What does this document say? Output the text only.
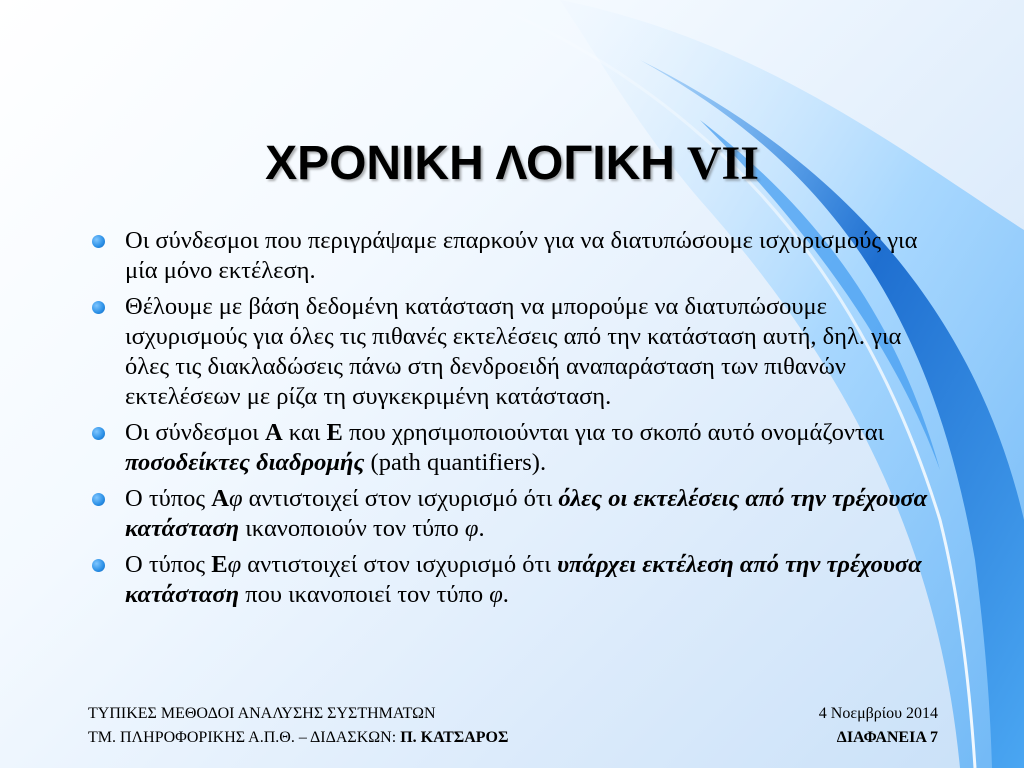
ΧΡΟΝΙΚΗ ΛΟΓΙΚΗ VII
Οι σύνδεσμοι που περιγράψαμε επαρκούν για να διατυπώσουμε ισχυρισμούς για μία μόνο εκτέλεση.
Θέλουμε με βάση δεδομένη κατάσταση να μπορούμε να διατυπώσουμε ισχυρισμούς για όλες τις πιθανές εκτελέσεις από την κατάσταση αυτή, δηλ. για όλες τις διακλαδώσεις πάνω στη δενδροειδή αναπαράσταση των πιθανών εκτελέσεων με ρίζα τη συγκεκριμένη κατάσταση.
Οι σύνδεσμοι A και E που χρησιμοποιούνται για το σκοπό αυτό ονομάζονται ποσοδείκτες διαδρομής (path quantifiers).
Ο τύπος Aφ αντιστοιχεί στον ισχυρισμό ότι όλες οι εκτελέσεις από την τρέχουσα κατάσταση ικανοποιούν τον τύπο φ.
Ο τύπος Eφ αντιστοιχεί στον ισχυρισμό ότι υπάρχει εκτέλεση από την τρέχουσα κατάσταση που ικανοποιεί τον τύπο φ.
ΤΥΠΙΚΕΣ ΜΕΘΟΔΟΙ ΑΝΑΛΥΣΗΣ ΣΥΣΤΗΜΑΤΩΝ	4 Νοεμβρίου 2014
ΤΜ. ΠΛΗΡΟΦΟΡΙΚΗΣ Α.Π.Θ. – ΔΙΔΑΣΚΩΝ: Π. ΚΑΤΣΑΡΟΣ	ΔΙΑΦΑΝΕΙΑ 7
